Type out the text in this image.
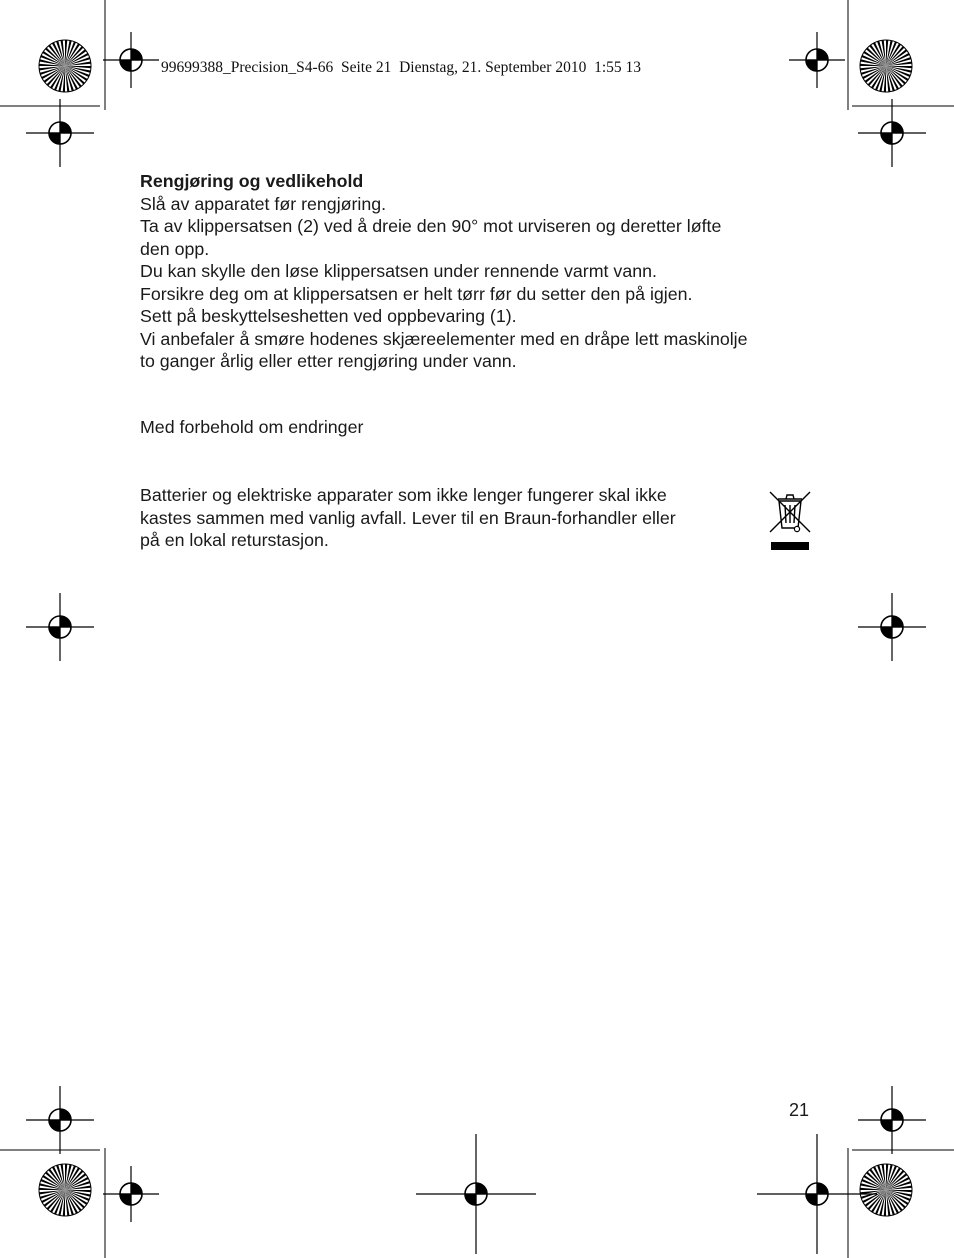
99699388_Precision_S4-66  Seite 21  Dienstag, 21. September 2010  1:55 13

Rengjøring og vedlikehold

Slå av apparatet før rengjøring.

Ta av klippersatsen (2) ved å dreie den 90° mot urviseren og deretter løfte

den opp.

Du kan skylle den løse klippersatsen under rennende varmt vann.

Forsikre deg om at klippersatsen er helt tørr før du setter den på igjen.

Sett på beskyttelseshetten ved oppbevaring (1).

Vi anbefaler å smøre hodenes skjæreelementer med en dråpe lett maskinolje

to ganger årlig eller etter rengjøring under vann.

Med forbehold om endringer

Batterier og elektriske apparater som ikke lenger fungerer skal ikke

kastes sammen med vanlig avfall. Lever til en Braun-forhandler eller

på en lokal returstasjon.

21
